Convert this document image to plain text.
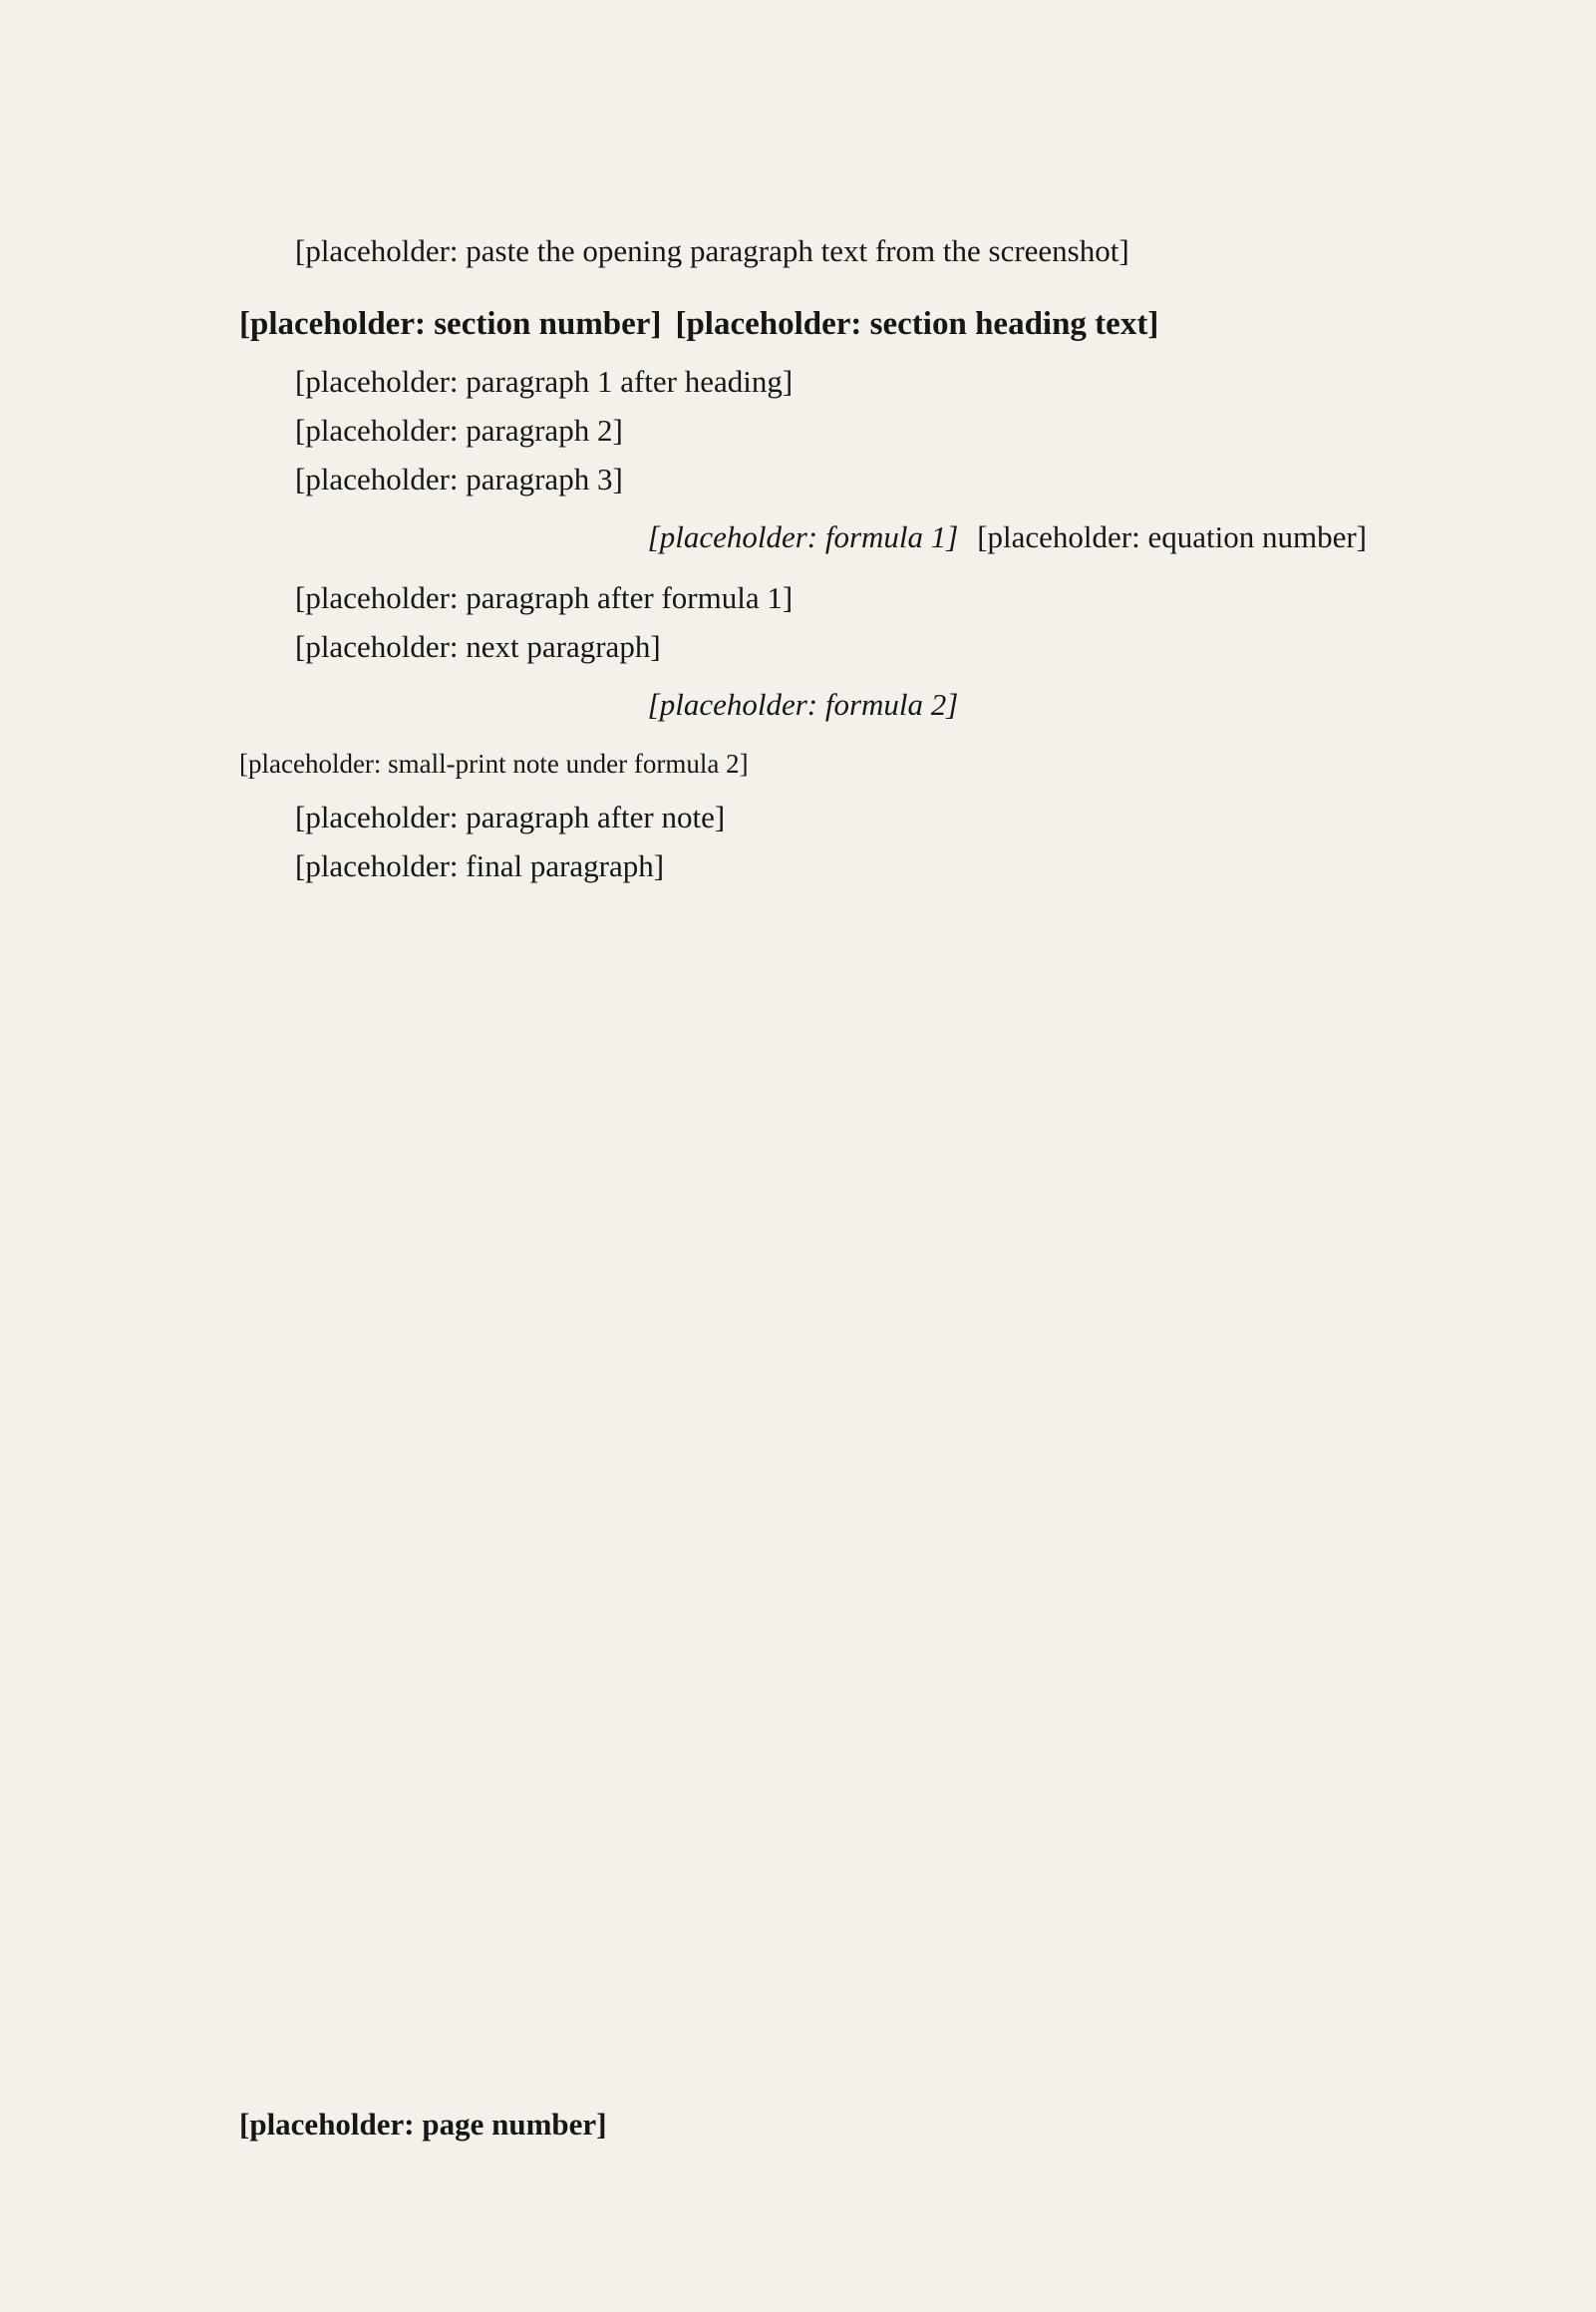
[placeholder: paste the opening paragraph text from the screenshot]

[placeholder: section number] [placeholder: section heading text]

[placeholder: paragraph 1 after heading]

[placeholder: paragraph 2]

[placeholder: paragraph 3]

[placeholder: formula 1] [placeholder: equation number]

[placeholder: paragraph after formula 1]

[placeholder: next paragraph]

[placeholder: formula 2]

[placeholder: small-print note under formula 2]

[placeholder: paragraph after note]

[placeholder: final paragraph]

[placeholder: page number]
